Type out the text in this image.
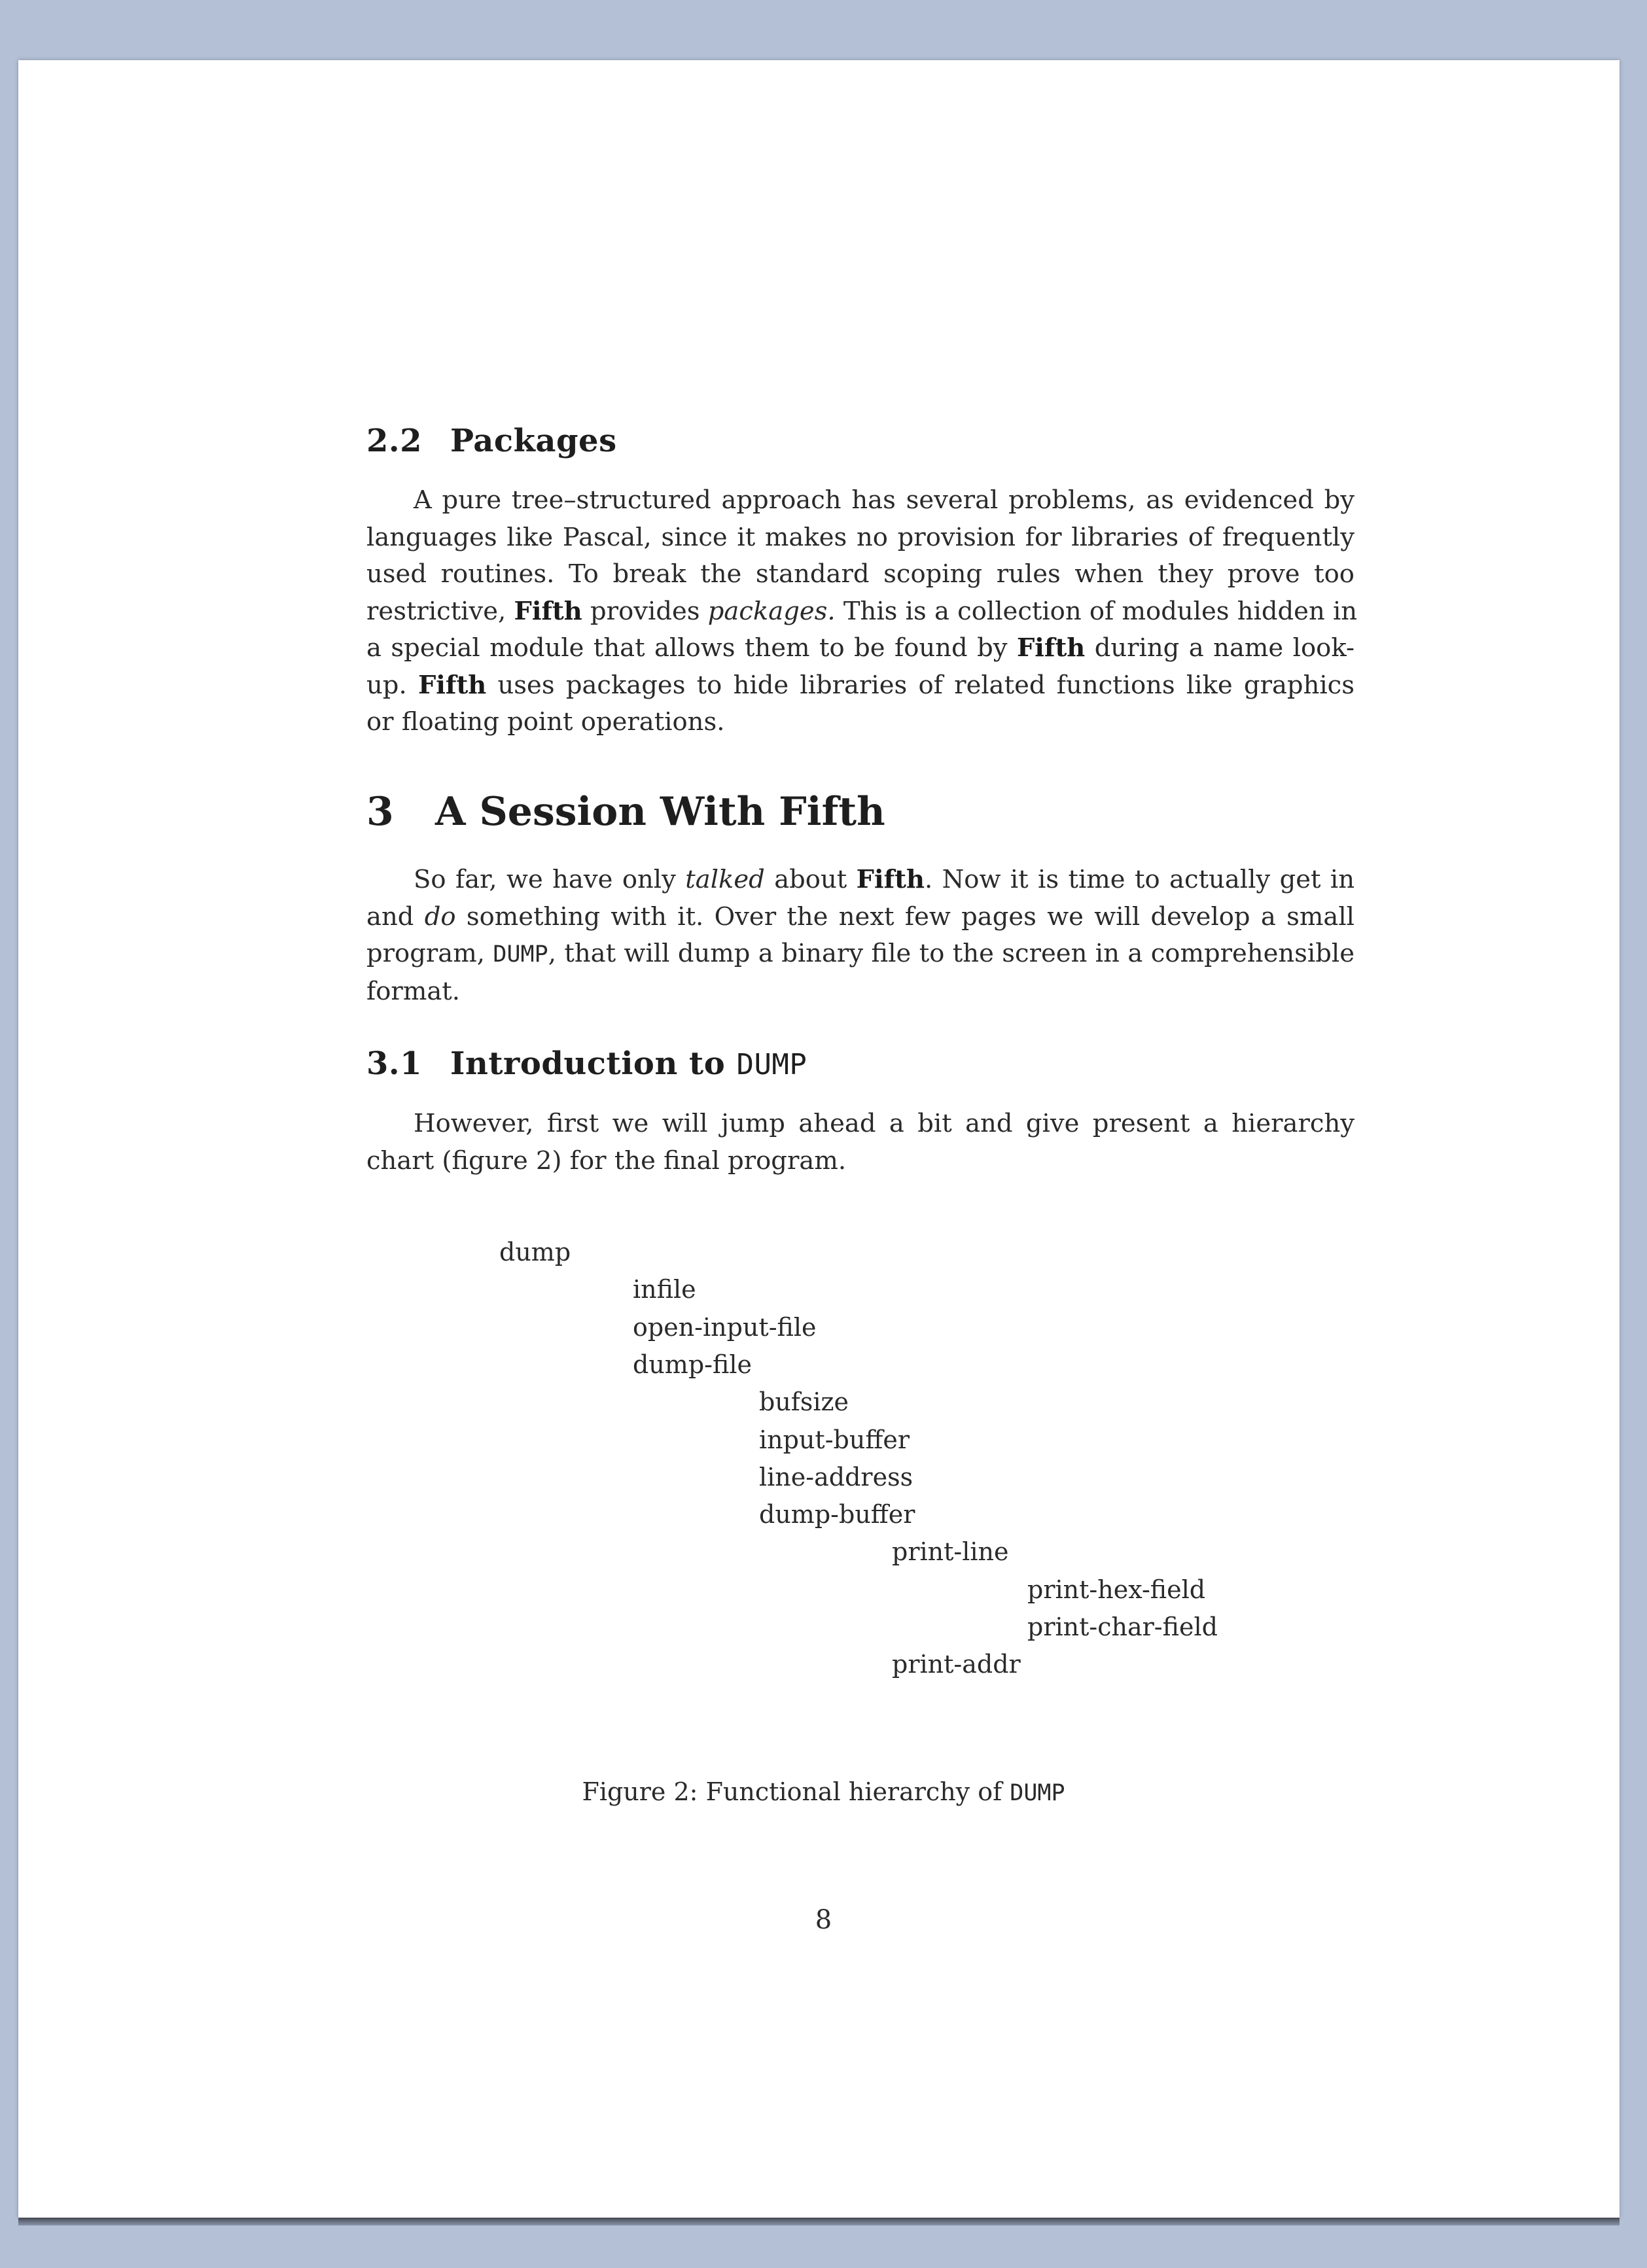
2.2 Packages
A pure tree–structured approach has several problems, as evidenced by
languages like Pascal, since it makes no provision for libraries of frequently
used routines. To break the standard scoping rules when they prove too
restrictive, Fifth provides packages. This is a collection of modules hidden in
a special module that allows them to be found by Fifth during a name look-
up. Fifth uses packages to hide libraries of related functions like graphics
or floating point operations.
3 A Session With Fifth
So far, we have only talked about Fifth. Now it is time to actually get in
and do something with it. Over the next few pages we will develop a small
program, DUMP, that will dump a binary file to the screen in a comprehensible
format.
3.1 Introduction to DUMP
However, first we will jump ahead a bit and give present a hierarchy
chart (figure 2) for the final program.
dump
infile
open-input-file
dump-file
bufsize
input-buffer
line-address
dump-buffer
print-line
print-hex-field
print-char-field
print-addr
Figure 2: Functional hierarchy of DUMP
8
